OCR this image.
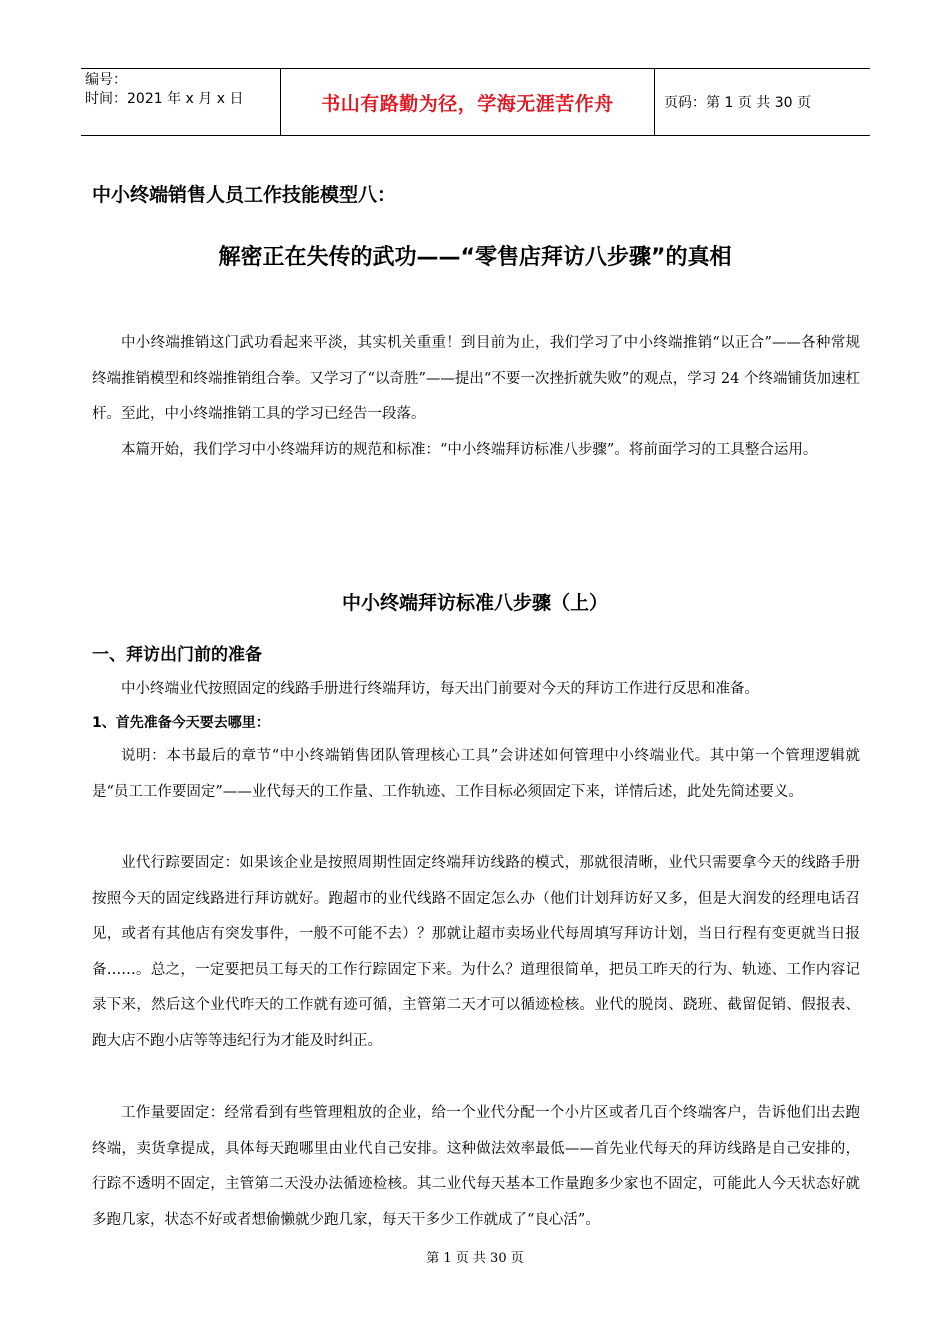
编号：
时间：2021 年 x 月 x 日	书山有路勤为径，学海无涯苦作舟	页码：第 1 页 共 30 页
中小终端销售人员工作技能模型八：
解密正在失传的武功——“零售店拜访八步骤”的真相

中小终端推销这门武功看起来平淡，其实机关重重！到目前为止，我们学习了中小终端推销“以正合”——各种常规终端推销模型和终端推销组合拳。又学习了“以奇胜”——提出“不要一次挫折就失败”的观点，学习 24 个终端铺货加速杠杆。至此，中小终端推销工具的学习已经告一段落。

本篇开始，我们学习中小终端拜访的规范和标准：“中小终端拜访标准八步骤”。将前面学习的工具整合运用。

中小终端拜访标准八步骤（上）
一、拜访出门前的准备

中小终端业代按照固定的线路手册进行终端拜访，每天出门前要对今天的拜访工作进行反思和准备。

1、首先准备今天要去哪里：

说明：本书最后的章节“中小终端销售团队管理核心工具”会讲述如何管理中小终端业代。其中第一个管理逻辑就是“员工工作要固定”——业代每天的工作量、工作轨迹、工作目标必须固定下来，详情后述，此处先简述要义。

业代行踪要固定：如果该企业是按照周期性固定终端拜访线路的模式，那就很清晰，业代只需要拿今天的线路手册按照今天的固定线路进行拜访就好。跑超市的业代线路不固定怎么办（他们计划拜访好又多，但是大润发的经理电话召见，或者有其他店有突发事件，一般不可能不去）？那就让超市卖场业代每周填写拜访计划，当日行程有变更就当日报备……。总之，一定要把员工每天的工作行踪固定下来。为什么？道理很简单，把员工昨天的行为、轨迹、工作内容记录下来，然后这个业代昨天的工作就有迹可循，主管第二天才可以循迹检核。业代的脱岗、跷班、截留促销、假报表、跑大店不跑小店等等违纪行为才能及时纠正。

工作量要固定：经常看到有些管理粗放的企业，给一个业代分配一个小片区或者几百个终端客户，告诉他们出去跑终端，卖货拿提成，具体每天跑哪里由业代自己安排。这种做法效率最低——首先业代每天的拜访线路是自己安排的，行踪不透明不固定，主管第二天没办法循迹检核。其二业代每天基本工作量跑多少家也不固定，可能此人今天状态好就多跑几家，状态不好或者想偷懒就少跑几家，每天干多少工作就成了“良心活”。

第 1 页 共 30 页
